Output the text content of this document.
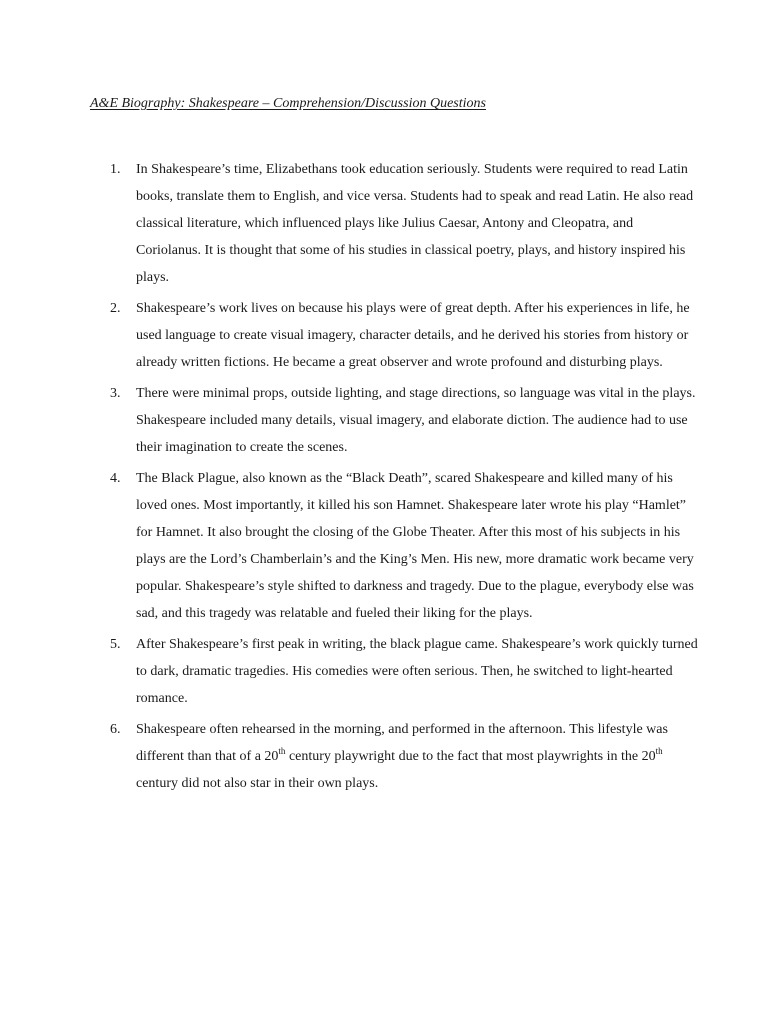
A&E Biography: Shakespeare – Comprehension/Discussion Questions
1. In Shakespeare’s time, Elizabethans took education seriously. Students were required to read Latin books, translate them to English, and vice versa. Students had to speak and read Latin. He also read classical literature, which influenced plays like Julius Caesar, Antony and Cleopatra, and Coriolanus. It is thought that some of his studies in classical poetry, plays, and history inspired his plays.
2. Shakespeare’s work lives on because his plays were of great depth. After his experiences in life, he used language to create visual imagery, character details, and he derived his stories from history or already written fictions. He became a great observer and wrote profound and disturbing plays.
3. There were minimal props, outside lighting, and stage directions, so language was vital in the plays. Shakespeare included many details, visual imagery, and elaborate diction. The audience had to use their imagination to create the scenes.
4. The Black Plague, also known as the “Black Death”, scared Shakespeare and killed many of his loved ones. Most importantly, it killed his son Hamnet. Shakespeare later wrote his play “Hamlet” for Hamnet. It also brought the closing of the Globe Theater. After this most of his subjects in his plays are the Lord’s Chamberlain’s and the King’s Men. His new, more dramatic work became very popular. Shakespeare’s style shifted to darkness and tragedy. Due to the plague, everybody else was sad, and this tragedy was relatable and fueled their liking for the plays.
5. After Shakespeare’s first peak in writing, the black plague came. Shakespeare’s work quickly turned to dark, dramatic tragedies. His comedies were often serious. Then, he switched to light-hearted romance.
6. Shakespeare often rehearsed in the morning, and performed in the afternoon. This lifestyle was different than that of a 20th century playwright due to the fact that most playwrights in the 20th century did not also star in their own plays.
